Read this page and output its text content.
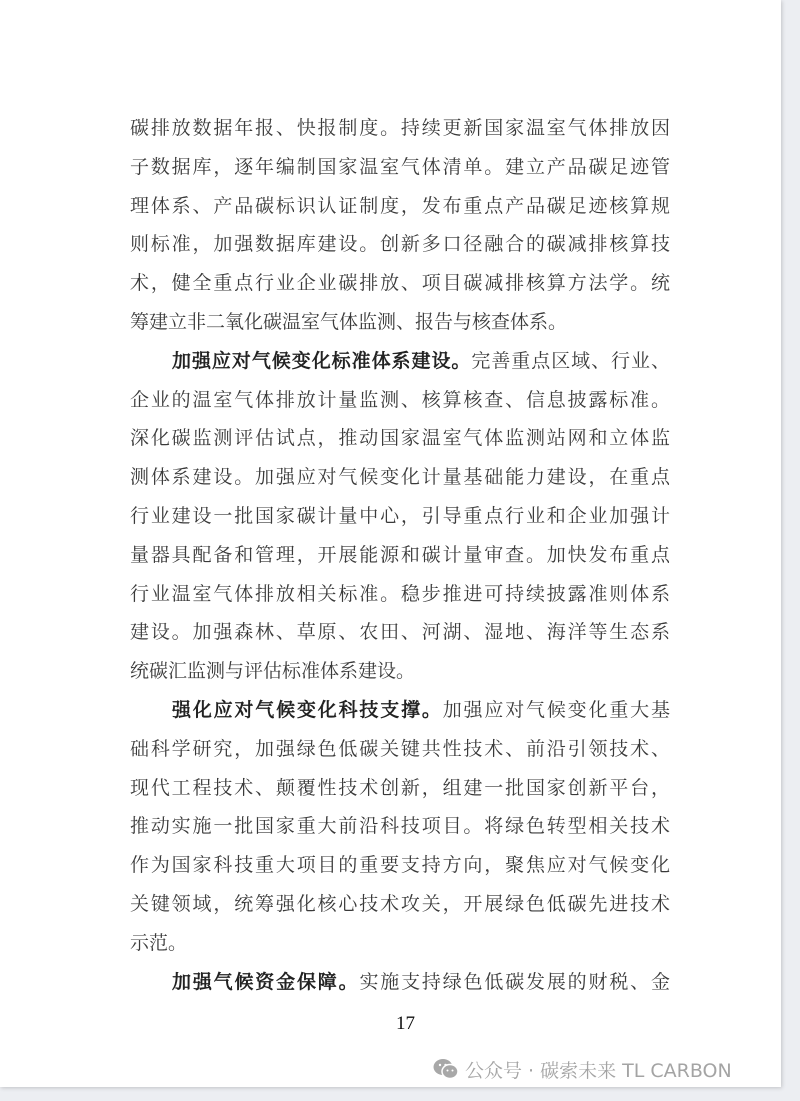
17
公众号 · 碳索未来 TL CARBON
碳排放数据年报、快报制度。持续更新国家温室气体排放因
子数据库，逐年编制国家温室气体清单。建立产品碳足迹管
理体系、产品碳标识认证制度，发布重点产品碳足迹核算规
则标准，加强数据库建设。创新多口径融合的碳减排核算技
术，健全重点行业企业碳排放、项目碳减排核算方法学。统
筹建立非二氧化碳温室气体监测、报告与核查体系。
加强应对气候变化标准体系建设。完善重点区域、行业、
企业的温室气体排放计量监测、核算核查、信息披露标准。
深化碳监测评估试点，推动国家温室气体监测站网和立体监
测体系建设。加强应对气候变化计量基础能力建设，在重点
行业建设一批国家碳计量中心，引导重点行业和企业加强计
量器具配备和管理，开展能源和碳计量审查。加快发布重点
行业温室气体排放相关标准。稳步推进可持续披露准则体系
建设。加强森林、草原、农田、河湖、湿地、海洋等生态系
统碳汇监测与评估标准体系建设。
强化应对气候变化科技支撑。加强应对气候变化重大基
础科学研究，加强绿色低碳关键共性技术、前沿引领技术、
现代工程技术、颠覆性技术创新，组建一批国家创新平台，
推动实施一批国家重大前沿科技项目。将绿色转型相关技术
作为国家科技重大项目的重要支持方向，聚焦应对气候变化
关键领域，统筹强化核心技术攻关，开展绿色低碳先进技术
示范。
加强气候资金保障。实施支持绿色低碳发展的财税、金
